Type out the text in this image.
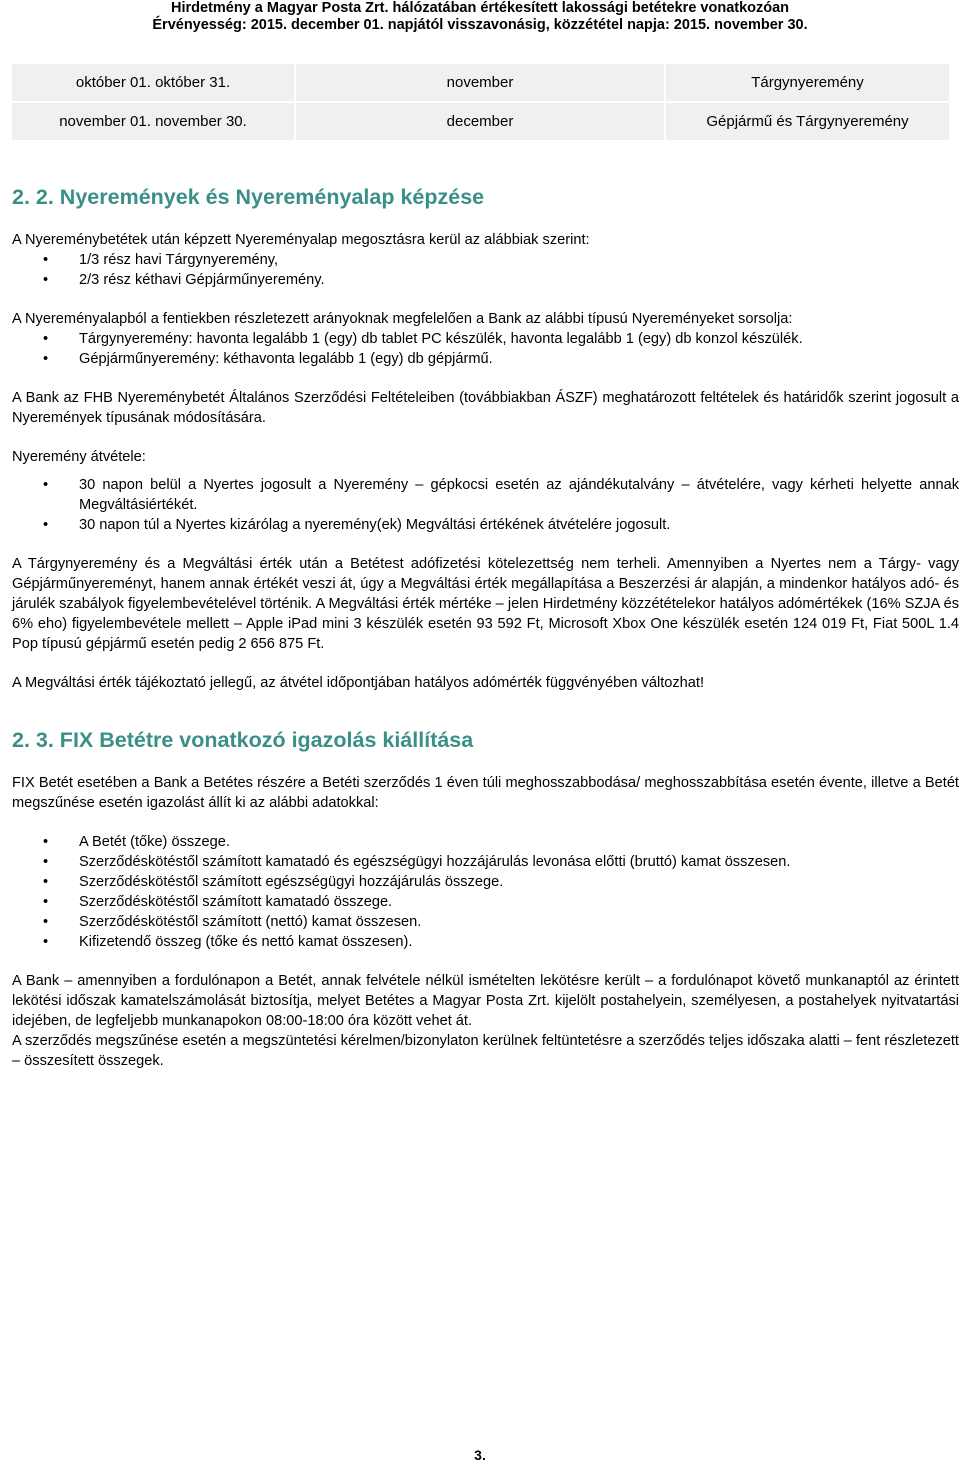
Hirdetmény a Magyar Posta Zrt. hálózatában értékesített lakossági betétekre vonatkozóan
Érvényesség: 2015. december 01. napjától visszavonásig, közzététel napja: 2015. november 30.
október 01. október 31.	november	Tárgynyeremény
november 01. november 30.	december	Gépjármű és Tárgynyeremény
2. 2. Nyeremények és Nyereményalap képzése

A Nyereménybetétek után képzett Nyereményalap megosztásra kerül az alábbiak szerint:

• 1/3 rész havi Tárgynyeremény,
• 2/3 rész kéthavi Gépjárműnyeremény.

A Nyereményalapból a fentiekben részletezett arányoknak megfelelően a Bank az alábbi típusú Nyereményeket sorsolja:

• Tárgynyeremény: havonta legalább 1 (egy) db tablet PC készülék, havonta legalább 1 (egy) db konzol készülék.
• Gépjárműnyeremény: kéthavonta legalább 1 (egy) db gépjármű.

A Bank az FHB Nyereménybetét Általános Szerződési Feltételeiben (továbbiakban ÁSZF) meghatározott feltételek és határidők szerint jogosult a Nyeremények típusának módosítására.

Nyeremény átvétele:

• 30 napon belül a Nyertes jogosult a Nyeremény – gépkocsi esetén az ajándékutalvány – átvételére, vagy kérheti helyette annak Megváltásiértékét.
• 30 napon túl a Nyertes kizárólag a nyeremény(ek) Megváltási értékének átvételére jogosult.

A Tárgynyeremény és a Megváltási érték után a Betétest adófizetési kötelezettség nem terheli. Amennyiben a Nyertes nem a Tárgy- vagy Gépjárműnyereményt, hanem annak értékét veszi át, úgy a Megváltási érték megállapítása a Beszerzési ár alapján, a mindenkor hatályos adó- és járulék szabályok figyelembevételével történik. A Megváltási érték mértéke – jelen Hirdetmény közzétételekor hatályos adómértékek (16% SZJA és 6% eho) figyelembevétele mellett – Apple iPad mini 3 készülék esetén 93 592 Ft, Microsoft Xbox One készülék esetén 124 019 Ft, Fiat 500L 1.4 Pop típusú gépjármű esetén pedig 2 656 875 Ft.

A Megváltási érték tájékoztató jellegű, az átvétel időpontjában hatályos adómérték függvényében változhat!

2. 3. FIX Betétre vonatkozó igazolás kiállítása

FIX Betét esetében a Bank a Betétes részére a Betéti szerződés 1 éven túli meghosszabbodása/ meghosszabbítása esetén évente, illetve a Betét megszűnése esetén igazolást állít ki az alábbi adatokkal:

• A Betét (tőke) összege.
• Szerződéskötéstől számított kamatadó és egészségügyi hozzájárulás levonása előtti (bruttó) kamat összesen.
• Szerződéskötéstől számított egészségügyi hozzájárulás összege.
• Szerződéskötéstől számított kamatadó összege.
• Szerződéskötéstől számított (nettó) kamat összesen.
• Kifizetendő összeg (tőke és nettó kamat összesen).

A Bank – amennyiben a fordulónapon a Betét, annak felvétele nélkül ismételten lekötésre került – a fordulónapot követő munkanaptól az érintett lekötési időszak kamatelszámolását biztosítja, melyet Betétes a Magyar Posta Zrt. kijelölt postahelyein, személyesen, a postahelyek nyitvatartási idejében, de legfeljebb munkanapokon 08:00-18:00 óra között vehet át.

A szerződés megszűnése esetén a megszüntetési kérelmen/bizonylaton kerülnek feltüntetésre a szerződés teljes időszaka alatti – fent részletezett – összesített összegek.

3.
